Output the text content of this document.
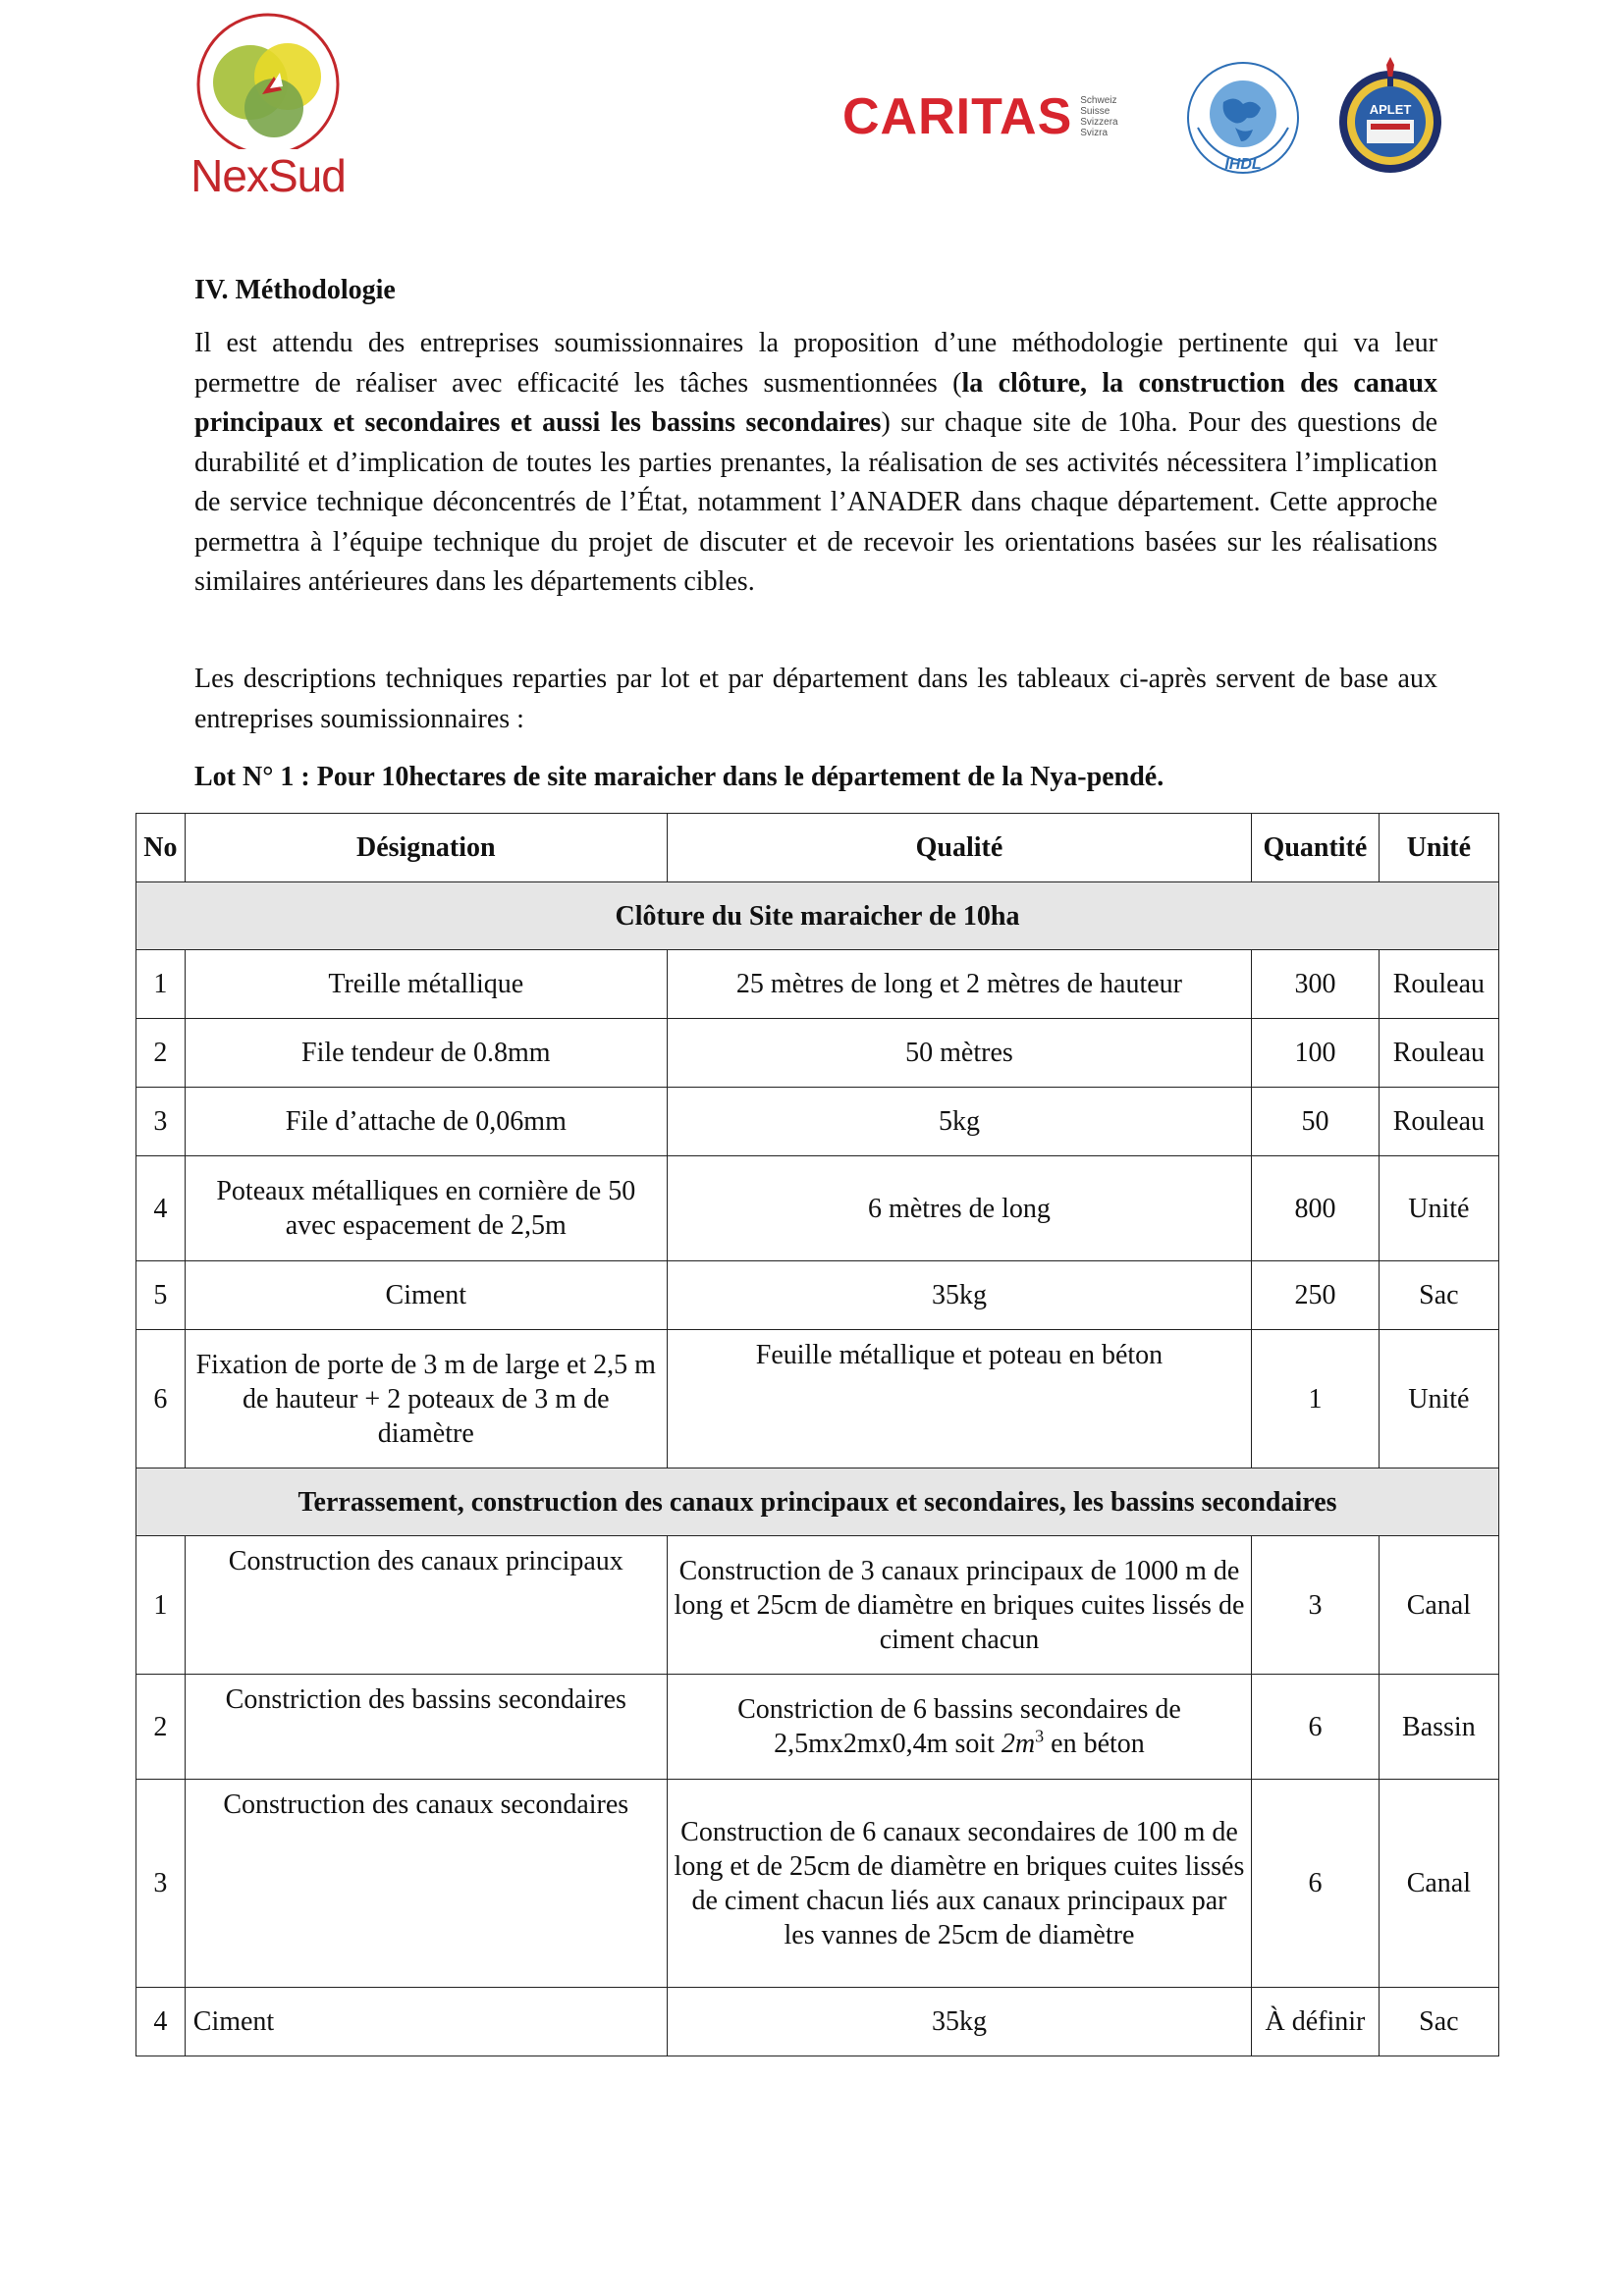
NexSud
CARITAS Schweiz
Suisse
Svizzera
Svizra
IHDL
APLET
IV. Méthodologie
Il est attendu des entreprises soumissionnaires la proposition d’une méthodologie pertinente qui va leur permettre de réaliser avec efficacité les tâches susmentionnées (la clôture, la construction des canaux principaux et secondaires et aussi les bassins secondaires) sur chaque site de 10ha. Pour des questions de durabilité et d’implication de toutes les parties prenantes, la réalisation de ses activités nécessitera l’implication de service technique déconcentrés de l’État, notamment l’ANADER dans chaque département. Cette approche permettra à l’équipe technique du projet de discuter et de recevoir les orientations basées sur les réalisations similaires antérieures dans les départements cibles.
Les descriptions techniques reparties par lot et par département dans les tableaux ci-après servent de base aux entreprises soumissionnaires :
Lot N° 1 : Pour 10hectares de site maraicher dans le département de la Nya-pendé.
No	Désignation	Qualité	Quantité	Unité
Clôture du Site maraicher de 10ha				
1	Treille métallique	25 mètres de long et 2 mètres de hauteur	300	Rouleau
2	File tendeur de 0.8mm	50 mètres	100	Rouleau
3	File d’attache de 0,06mm	5kg	50	Rouleau
4	Poteaux métalliques en cornière de 50 avec espacement de 2,5m	6 mètres de long	800	Unité
5	Ciment	35kg	250	Sac
6	Fixation de porte de 3 m de large et 2,5 m de hauteur + 2 poteaux de 3 m de diamètre	Feuille métallique et poteau en béton	1	Unité
Terrassement, construction des canaux principaux et secondaires, les bassins secondaires				
1	Construction des canaux principaux	Construction de 3 canaux principaux de 1000 m de long et 25cm de diamètre en briques cuites lissés de ciment chacun	3	Canal
2	Constriction des bassins secondaires	Constriction de 6 bassins secondaires de 2,5mx2mx0,4m soit $2m^3$ en béton	6	Bassin
3	Construction des canaux secondaires	Construction de 6 canaux secondaires de 100 m de long et de 25cm de diamètre en briques cuites lissés de ciment chacun liés aux canaux principaux par les vannes de 25cm de diamètre	6	Canal
4	Ciment	35kg	À définir	Sac
